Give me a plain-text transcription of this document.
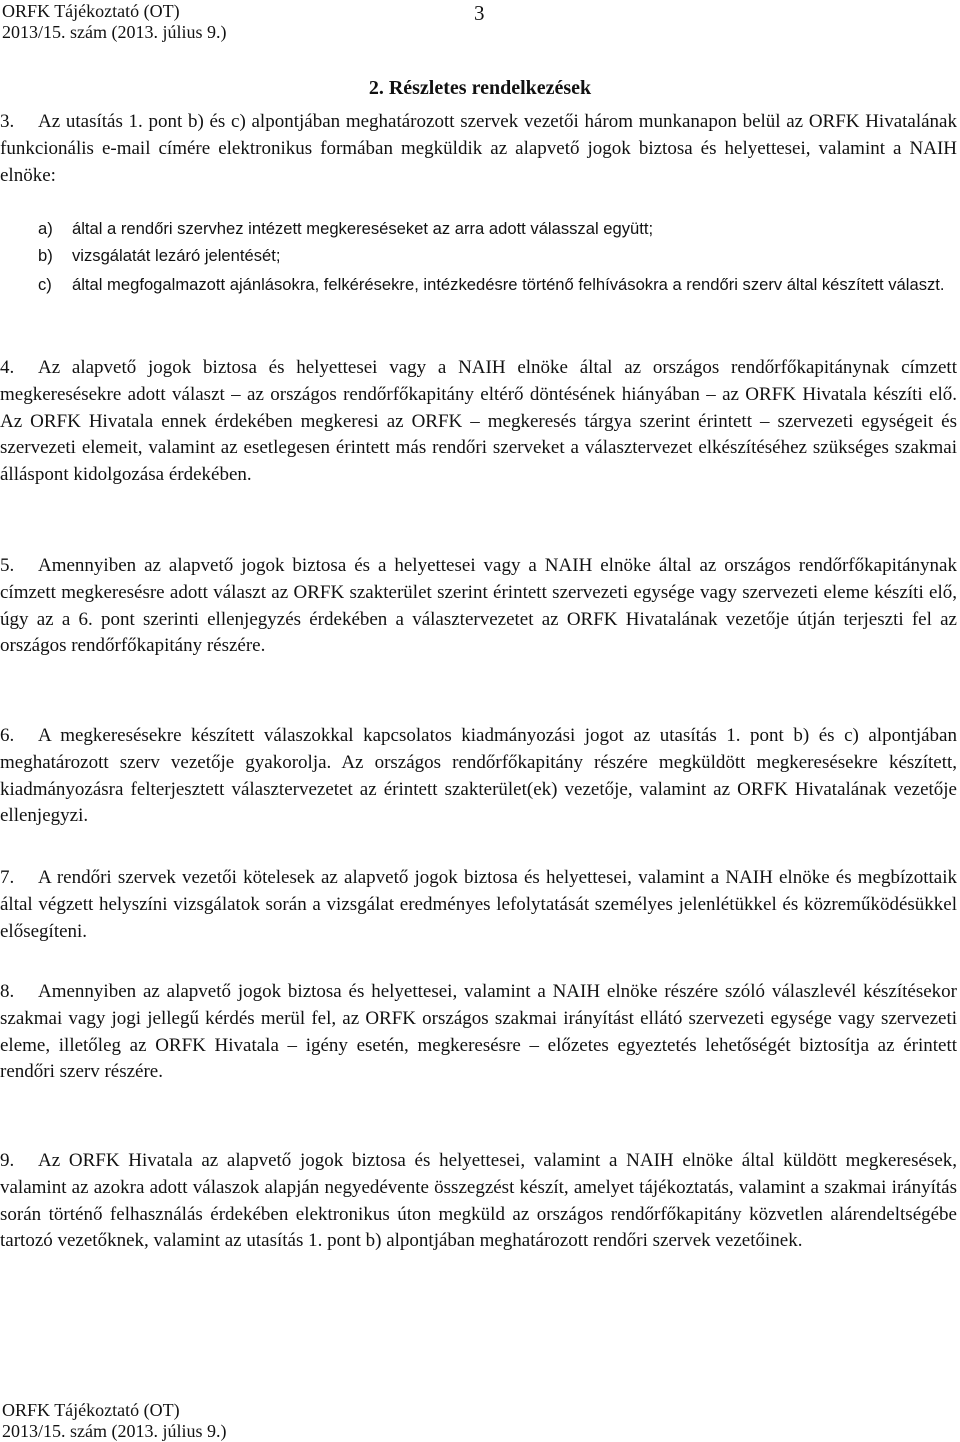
ORFK Tájékoztató (OT)
2013/15. szám (2013. július 9.)
3
2. Részletes rendelkezések
3.	Az utasítás 1. pont b) és c) alpontjában meghatározott szervek vezetői három munkanapon belül az ORFK Hivatalának funkcionális e-mail címére elektronikus formában megküldik az alapvető jogok biztosa és helyettesei, valamint a NAIH elnöke:
a) által a rendőri szervhez intézett megkereséseket az arra adott válasszal együtt;
b) vizsgálatát lezáró jelentését;
c) által megfogalmazott ajánlásokra, felkérésekre, intézkedésre történő felhívásokra a rendőri szerv által készített választ.
4.	Az alapvető jogok biztosa és helyettesei vagy a NAIH elnöke által az országos rendőrfőkapitánynak címzett megkeresésekre adott választ – az országos rendőrfőkapitány eltérő döntésének hiányában – az ORFK Hivatala készíti elő. Az ORFK Hivatala ennek érdekében megkeresi az ORFK – megkeresés tárgya szerint érintett – szervezeti egységeit és szervezeti elemeit, valamint az esetlegesen érintett más rendőri szerveket a választervezet elkészítéséhez szükséges szakmai álláspont kidolgozása érdekében.
5.	Amennyiben az alapvető jogok biztosa és a helyettesei vagy a NAIH elnöke által az országos rendőrfőkapitánynak címzett megkeresésre adott választ az ORFK szakterület szerint érintett szervezeti egysége vagy szervezeti eleme készíti elő, úgy az a 6. pont szerinti ellenjegyzés érdekében a választervezetet az ORFK Hivatalának vezetője útján terjeszti fel az országos rendőrfőkapitány részére.
6.	A megkeresésekre készített válaszokkal kapcsolatos kiadmányozási jogot az utasítás 1. pont b) és c) alpontjában meghatározott szerv vezetője gyakorolja. Az országos rendőrfőkapitány részére megküldött megkeresésekre készített, kiadmányozásra felterjesztett választervezetet az érintett szakterület(ek) vezetője, valamint az ORFK Hivatalának vezetője ellenjegyzi.
7.	A rendőri szervek vezetői kötelesek az alapvető jogok biztosa és helyettesei, valamint a NAIH elnöke és megbízottaik által végzett helyszíni vizsgálatok során a vizsgálat eredményes lefolytatását személyes jelenlétükkel és közreműködésükkel elősegíteni.
8.	Amennyiben az alapvető jogok biztosa és helyettesei, valamint a NAIH elnöke részére szóló válaszlevél készítésekor szakmai vagy jogi jellegű kérdés merül fel, az ORFK országos szakmai irányítást ellátó szervezeti egysége vagy szervezeti eleme, illetőleg az ORFK Hivatala – igény esetén, megkeresésre – előzetes egyeztetés lehetőségét biztosítja az érintett rendőri szerv részére.
9.	Az ORFK Hivatala az alapvető jogok biztosa és helyettesei, valamint a NAIH elnöke által küldött megkeresések, valamint az azokra adott válaszok alapján negyedévente összegzést készít, amelyet tájékoztatás, valamint a szakmai irányítás során történő felhasználás érdekében elektronikus úton megküld az országos rendőrfőkapitány közvetlen alárendeltségébe tartozó vezetőknek, valamint az utasítás 1. pont b) alpontjában meghatározott rendőri szervek vezetőinek.
ORFK Tájékoztató (OT)
2013/15. szám (2013. július 9.)
